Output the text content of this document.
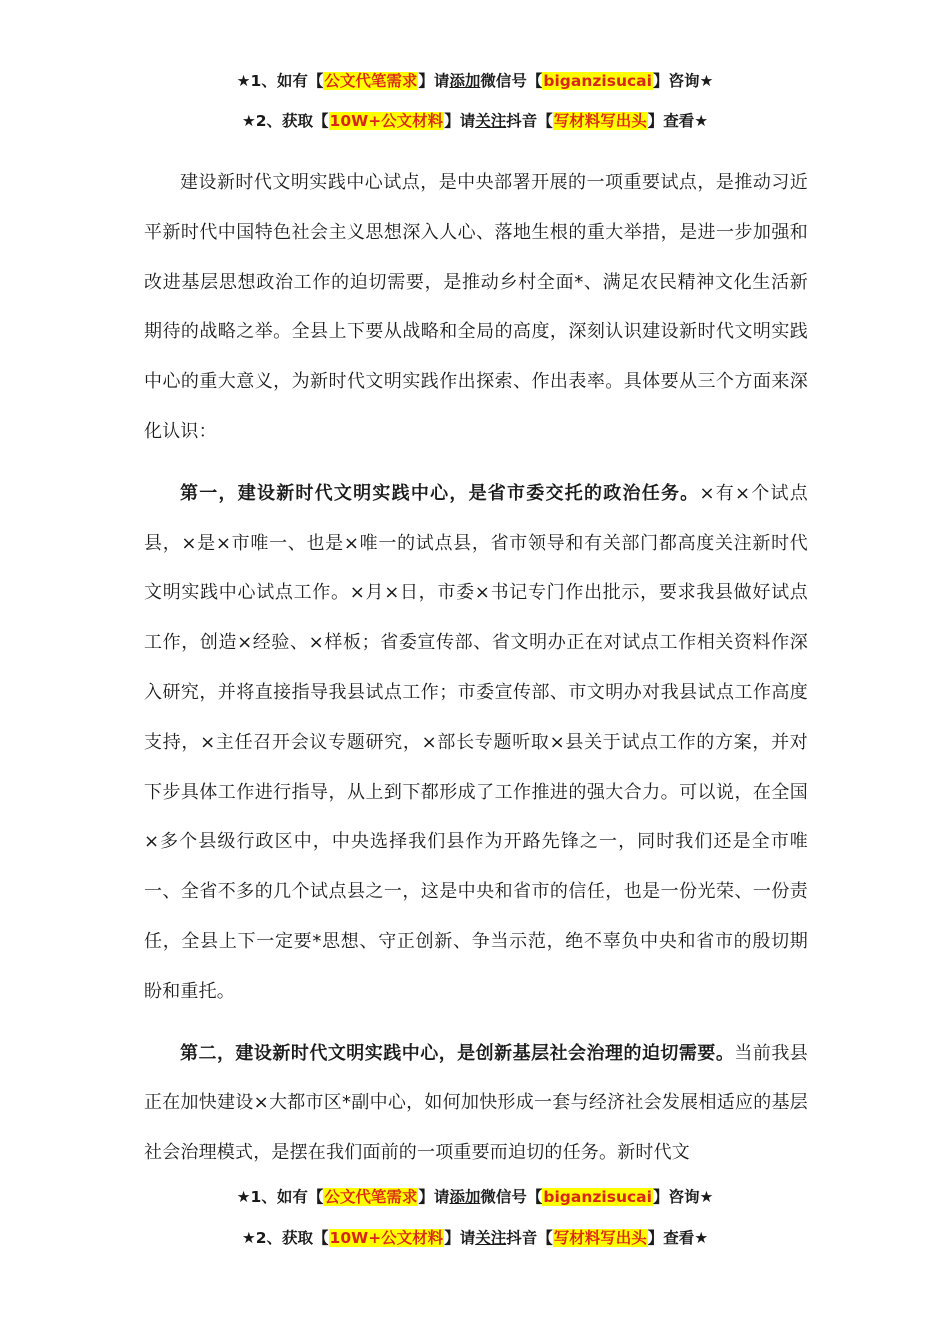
★1、如有【公文代笔需求】请添加微信号【biganzisucai】咨询★
★2、获取【10W+公文材料】请关注抖音【写材料写出头】查看★

建设新时代文明实践中心试点，是中央部署开展的一项重要试点，是推动习近平新时代中国特色社会主义思想深入人心、落地生根的重大举措，是进一步加强和改进基层思想政治工作的迫切需要，是推动乡村全面*、满足农民精神文化生活新期待的战略之举。全县上下要从战略和全局的高度，深刻认识建设新时代文明实践中心的重大意义，为新时代文明实践作出探索、作出表率。具体要从三个方面来深化认识：

第一，建设新时代文明实践中心，是省市委交托的政治任务。×有×个试点县，×是×市唯一、也是×唯一的试点县，省市领导和有关部门都高度关注新时代文明实践中心试点工作。×月×日，市委×书记专门作出批示，要求我县做好试点工作，创造×经验、×样板；省委宣传部、省文明办正在对试点工作相关资料作深入研究，并将直接指导我县试点工作；市委宣传部、市文明办对我县试点工作高度支持，×主任召开会议专题研究，×部长专题听取×县关于试点工作的方案，并对下步具体工作进行指导，从上到下都形成了工作推进的强大合力。可以说，在全国×多个县级行政区中，中央选择我们县作为开路先锋之一，同时我们还是全市唯一、全省不多的几个试点县之一，这是中央和省市的信任，也是一份光荣、一份责任，全县上下一定要*思想、守正创新、争当示范，绝不辜负中央和省市的殷切期盼和重托。

第二，建设新时代文明实践中心，是创新基层社会治理的迫切需要。当前我县正在加快建设×大都市区*副中心，如何加快形成一套与经济社会发展相适应的基层社会治理模式，是摆在我们面前的一项重要而迫切的任务。新时代文

★1、如有【公文代笔需求】请添加微信号【biganzisucai】咨询★
★2、获取【10W+公文材料】请关注抖音【写材料写出头】查看★
